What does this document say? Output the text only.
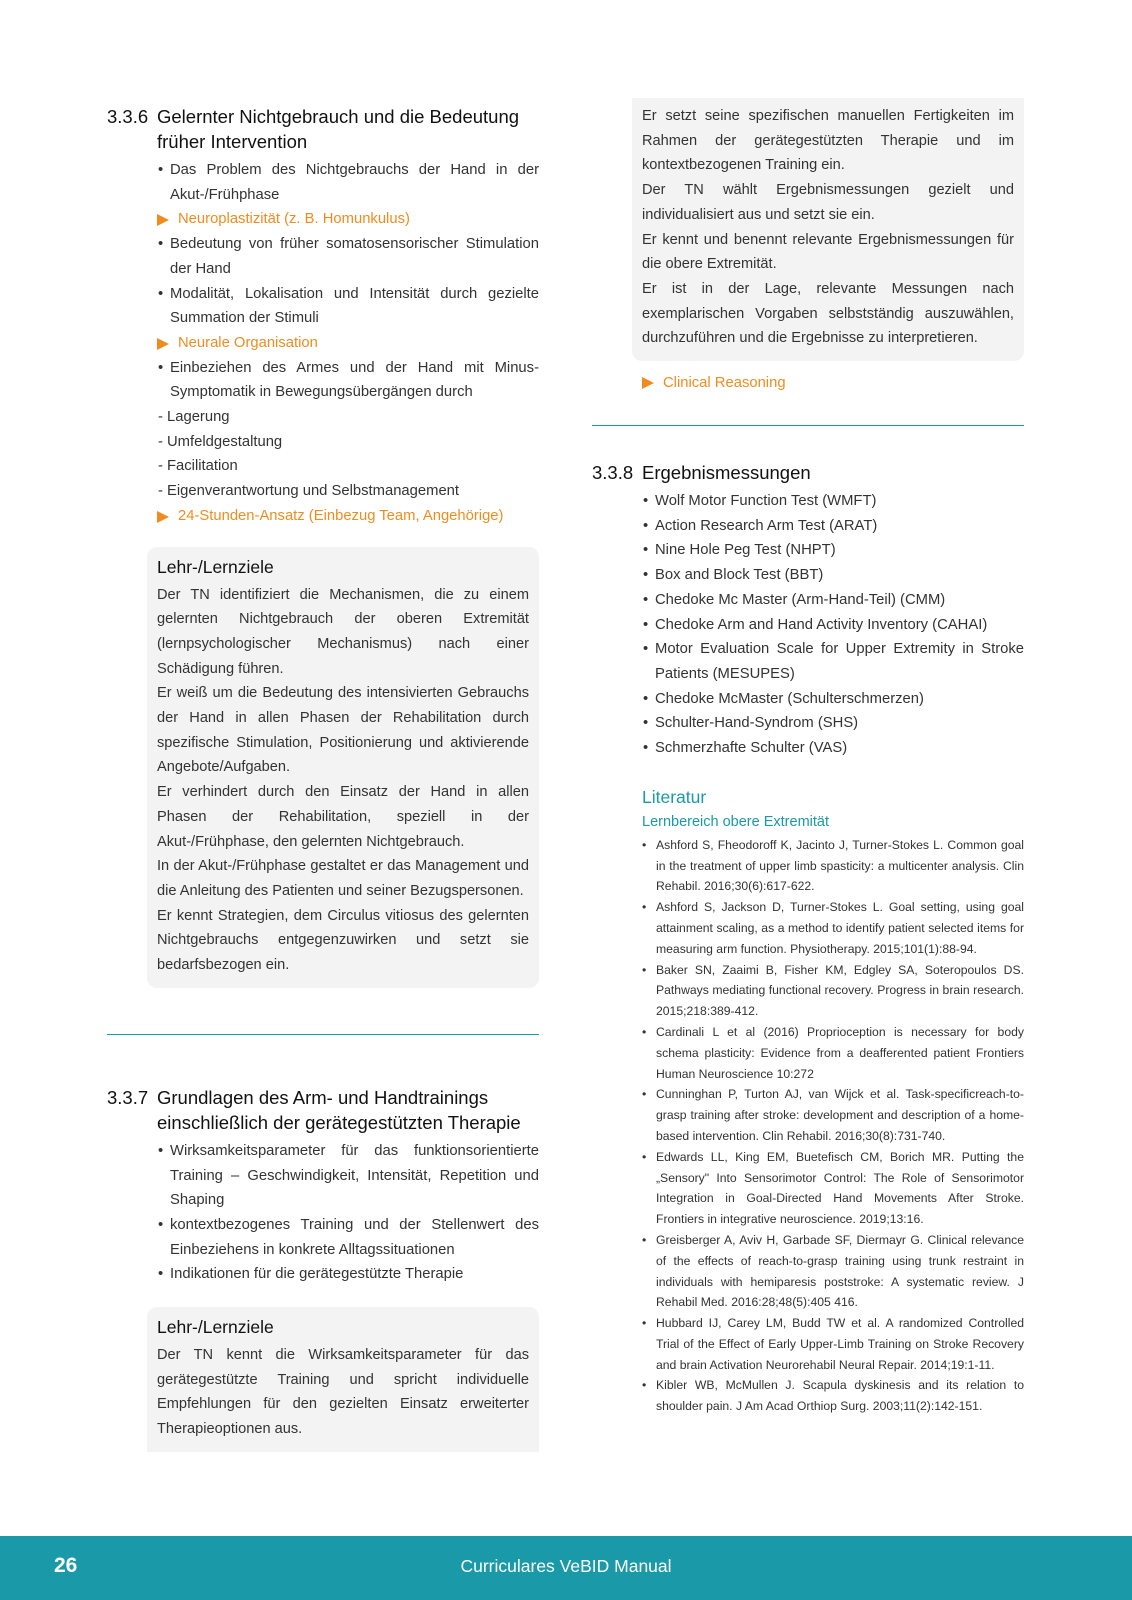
3.3.6 Gelernter Nichtgebrauch und die Bedeutung früher Intervention
• Das Problem des Nichtgebrauchs der Hand in der Akut-/Frühphase
Neuroplastizität (z. B. Homunkulus)
• Bedeutung von früher somatosensorischer Stimulation der Hand
• Modalität, Lokalisation und Intensität durch gezielte Summation der Stimuli
Neurale Organisation
• Einbeziehen des Armes und der Hand mit Minus-Symptomatik in Bewegungsübergängen durch
- Lagerung
- Umfeldgestaltung
- Facilitation
- Eigenverantwortung und Selbstmanagement
24-Stunden-Ansatz (Einbezug Team, Angehörige)
Lehr-/Lernziele

Der TN identifiziert die Mechanismen, die zu einem gelernten Nichtgebrauch der oberen Extremität (lernpsychologischer Mechanismus) nach einer Schädigung führen.

Er weiß um die Bedeutung des intensivierten Gebrauchs der Hand in allen Phasen der Rehabilitation durch spezifische Stimulation, Positionierung und aktivierende Angebote/Aufgaben.

Er verhindert durch den Einsatz der Hand in allen Phasen der Rehabilitation, speziell in der Akut-/Frühphase, den gelernten Nichtgebrauch.

In der Akut-/Frühphase gestaltet er das Management und die Anleitung des Patienten und seiner Bezugspersonen.

Er kennt Strategien, dem Circulus vitiosus des gelernten Nichtgebrauchs entgegenzuwirken und setzt sie bedarfsbezogen ein.

3.3.7 Grundlagen des Arm- und Handtrainings einschließlich der gerätegestützten Therapie
• Wirksamkeitsparameter für das funktionsorientierte Training – Geschwindigkeit, Intensität, Repetition und Shaping
• kontextbezogenes Training und der Stellenwert des Einbeziehens in konkrete Alltagssituationen
• Indikationen für die gerätegestützte Therapie
Lehr-/Lernziele

Der TN kennt die Wirksamkeitsparameter für das gerätegestützte Training und spricht individuelle Empfehlungen für den gezielten Einsatz erweiterter Therapieoptionen aus.

Er setzt seine spezifischen manuellen Fertigkeiten im Rahmen der gerätegestützten Therapie und im kontextbezogenen Training ein.

Der TN wählt Ergebnismessungen gezielt und individualisiert aus und setzt sie ein.

Er kennt und benennt relevante Ergebnismessungen für die obere Extremität.

Er ist in der Lage, relevante Messungen nach exemplarischen Vorgaben selbstständig auszuwählen, durchzuführen und die Ergebnisse zu interpretieren.

Clinical Reasoning
3.3.8 Ergebnismessungen
• Wolf Motor Function Test (WMFT)
• Action Research Arm Test (ARAT)
• Nine Hole Peg Test (NHPT)
• Box and Block Test (BBT)
• Chedoke Mc Master (Arm-Hand-Teil) (CMM)
• Chedoke Arm and Hand Activity Inventory (CAHAI)
• Motor Evaluation Scale for Upper Extremity in Stroke Patients (MESUPES)
• Chedoke McMaster (Schulterschmerzen)
• Schulter-Hand-Syndrom (SHS)
• Schmerzhafte Schulter (VAS)
Literatur
Lernbereich obere Extremität
• Ashford S, Fheodoroff K, Jacinto J, Turner-Stokes L. Common goal in the treatment of upper limb spasticity: a multicenter analysis. Clin Rehabil. 2016;30(6):617-622.
• Ashford S, Jackson D, Turner-Stokes L. Goal setting, using goal attainment scaling, as a method to identify patient selected items for measuring arm function. Physiotherapy. 2015;101(1):88-94.
• Baker SN, Zaaimi B, Fisher KM, Edgley SA, Soteropoulos DS. Pathways mediating functional recovery. Progress in brain research. 2015;218:389-412.
• Cardinali L et al (2016) Proprioception is necessary for body schema plasticity: Evidence from a deafferented patient Frontiers Human Neuroscience 10:272
• Cunninghan P, Turton AJ, van Wijck et al. Task-specificreach-to-grasp training after stroke: development and description of a home-based intervention. Clin Rehabil. 2016;30(8):731-740.
• Edwards LL, King EM, Buetefisch CM, Borich MR. Putting the „Sensory" Into Sensorimotor Control: The Role of Sensorimotor Integration in Goal-Directed Hand Movements After Stroke. Frontiers in integrative neuroscience. 2019;13:16.
• Greisberger A, Aviv H, Garbade SF, Diermayr G. Clinical relevance of the effects of reach-to-grasp training using trunk restraint in individuals with hemiparesis poststroke: A systematic review. J Rehabil Med. 2016:28;48(5):405 416.
• Hubbard IJ, Carey LM, Budd TW et al. A randomized Controlled Trial of the Effect of Early Upper-Limb Training on Stroke Recovery and brain Activation Neurorehabil Neural Repair. 2014;19:1-11.
• Kibler WB, McMullen J. Scapula dyskinesis and its relation to shoulder pain. J Am Acad Orthiop Surg. 2003;11(2):142-151.
26	Curriculares VeBID Manual
